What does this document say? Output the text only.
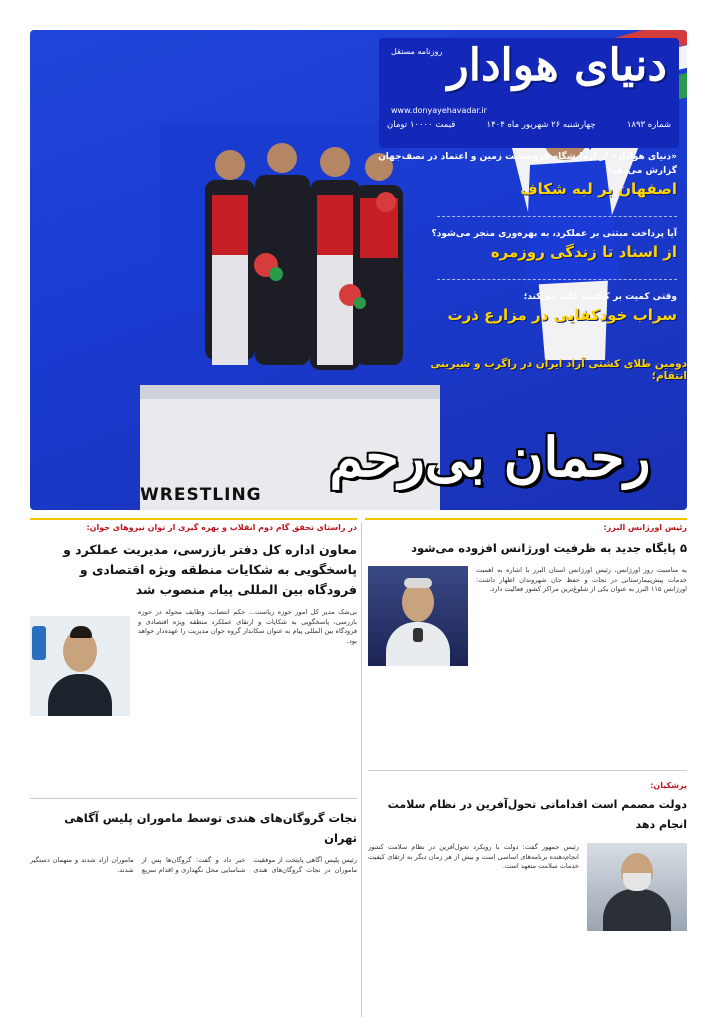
دنیای هوادار
روزنامه مستقل
www.donyayehavadar.ir
شماره ۱۸۹۳
چهارشنبه ۲۶ شهریور ماه ۱۴۰۴
قیمت ۱۰۰۰۰ تومان
«دنیای هوادار» از آزمایشگاه فروشست زمین و اعتماد در نصف‌جهان گزارش می‌دهد!
اصفهان بر لبه شکاف
آیا پرداخت مبتنی بر عملکرد، به بهره‌وری منجر می‌شود؟
از اسناد تا زندگی روزمره
وقتی کمیت بر کیفیت غلبه می‌کند؛
سراب خودکفایی در مزارع ذرت
دومین طلای کشتی آزاد ایران در راگرب و شیرینی انتقام؛
رحمان بی‌رحم
WRESTLING
در راستای تحقق گام دوم انقلاب و بهره گیری از توان نیروهای جوان:
معاون اداره کل دفتر بازرسی، مدیریت عملکرد و پاسخگویی به شکایات منطقه ویژه اقتصادی و فرودگاه بین المللی پیام منصوب شد
بی‌شک مدیر کل امور حوزه ریاست... حکم انتصاب، وظایف محوله در حوزه بازرسی، پاسخگویی به شکایات و ارتقای عملکرد منطقه ویژه اقتصادی و فرودگاه بین المللی پیام به عنوان سکاندار گروه جوان مدیریت را عهده‌دار خواهد بود.
نجات گروگان‌های هندی توسط ماموران پلیس آگاهی تهران
رئیس پلیس آگاهی پایتخت از موفقیت ماموران در نجات گروگان‌های هندی خبر داد و گفت: گروگان‌ها پس از شناسایی محل نگهداری و اقدام سریع ماموران آزاد شدند و متهمان دستگیر شدند.
رئیس اورژانس البرز:
۵ پایگاه جدید به ظرفیت اورژانس افزوده می‌شود
به مناسبت روز اورژانس، رئیس اورژانس استان البرز با اشاره به اهمیت خدمات پیش‌بیمارستانی در نجات و حفظ جان شهروندان اظهار داشت: اورژانس ۱۱۵ البرز به عنوان یکی از شلوغ‌ترین مراکز کشور فعالیت دارد.
پزشکیان:
دولت مصمم است اقداماتی تحول‌آفرین در نظام سلامت انجام دهد
رئیس جمهور گفت: دولت با رویکرد تحول‌آفرین در نظام سلامت کشور انجام‌دهنده برنامه‌های اساسی است و بیش از هر زمان دیگر به ارتقای کیفیت خدمات سلامت متعهد است.
